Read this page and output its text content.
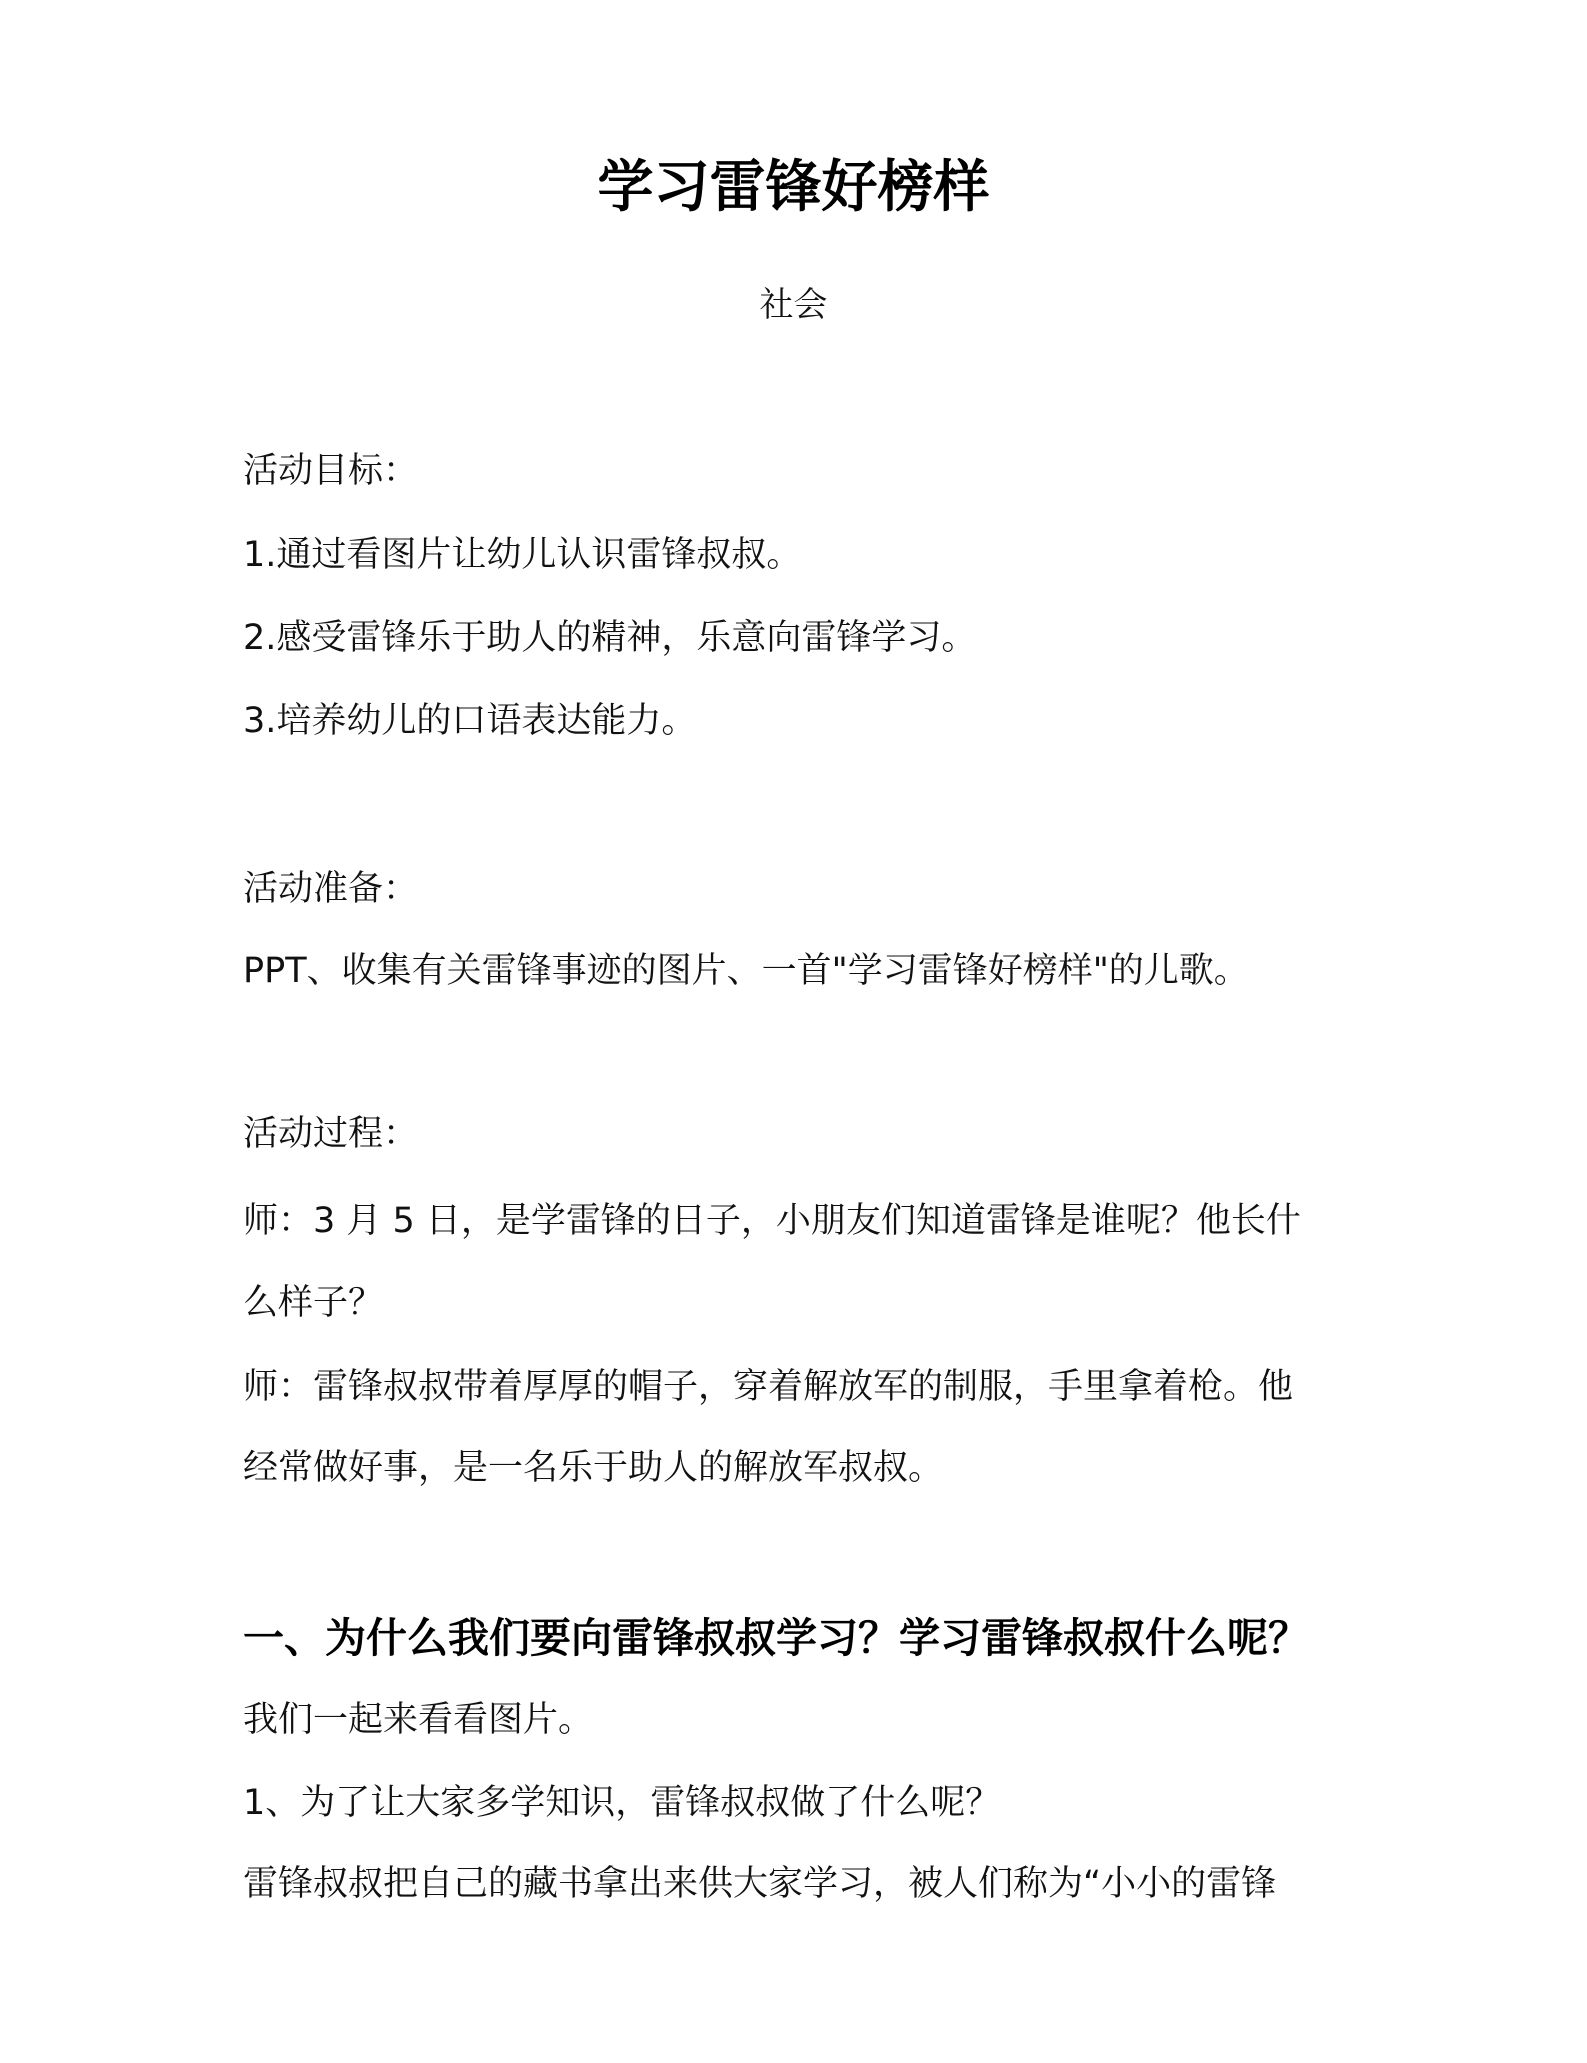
学习雷锋好榜样
社会
活动目标：
1.通过看图片让幼儿认识雷锋叔叔。
2.感受雷锋乐于助人的精神，乐意向雷锋学习。
3.培养幼儿的口语表达能力。
活动准备：
PPT、收集有关雷锋事迹的图片、一首"学习雷锋好榜样"的儿歌。
活动过程：
师：3 月 5 日，是学雷锋的日子，小朋友们知道雷锋是谁呢？他长什
么样子？
师：雷锋叔叔带着厚厚的帽子，穿着解放军的制服，手里拿着枪。他
经常做好事，是一名乐于助人的解放军叔叔。
一、为什么我们要向雷锋叔叔学习？学习雷锋叔叔什么呢？
我们一起来看看图片。
1、为了让大家多学知识，雷锋叔叔做了什么呢？
雷锋叔叔把自己的藏书拿出来供大家学习，被人们称为“小小的雷锋
